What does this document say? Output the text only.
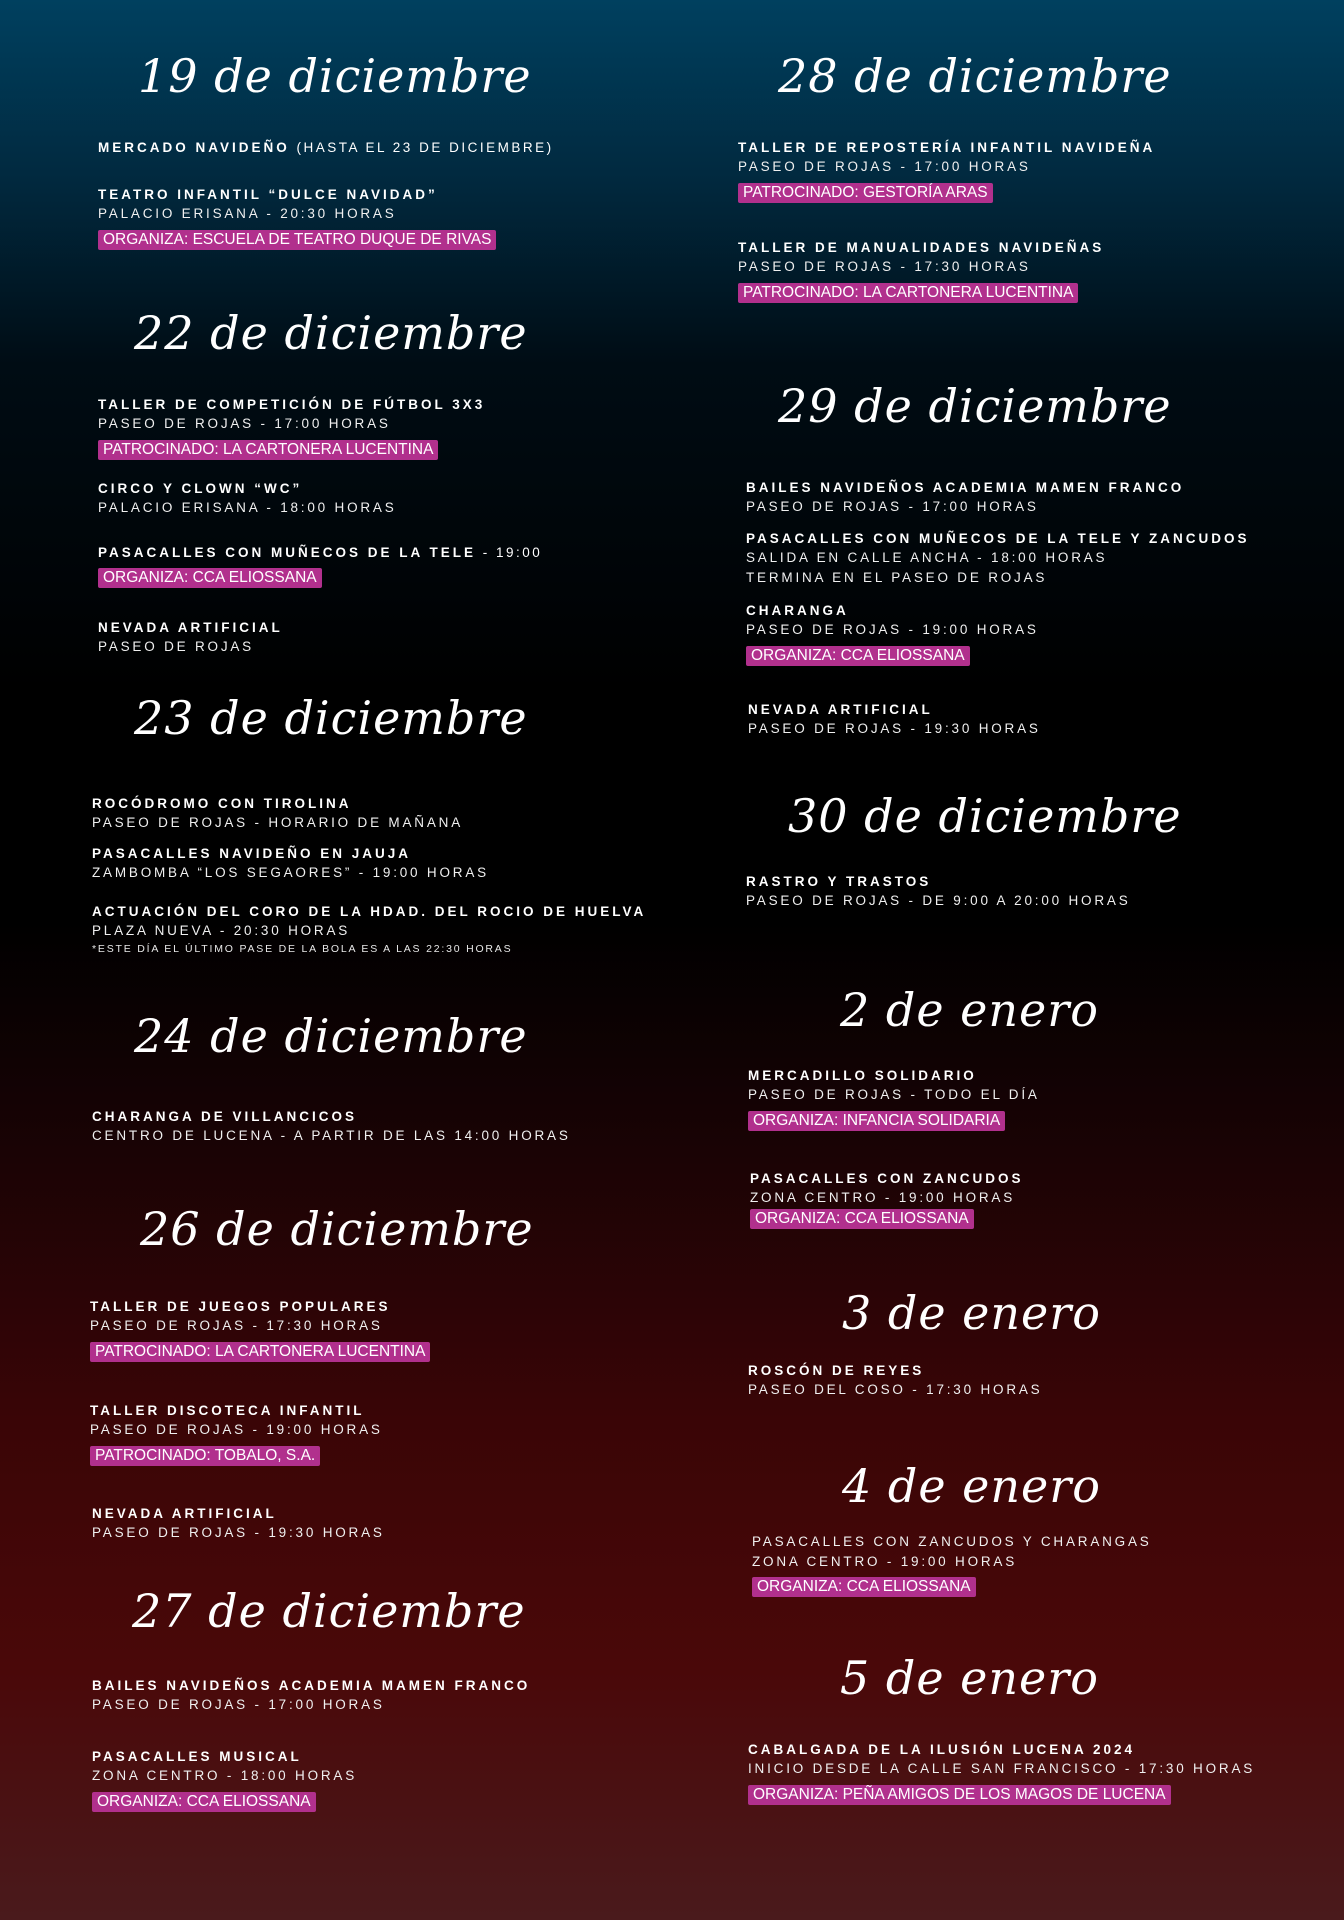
19 de diciembre
MERCADO NAVIDEÑO (HASTA EL 23 DE DICIEMBRE)
TEATRO INFANTIL “DULCE NAVIDAD”
PALACIO ERISANA - 20:30 HORAS
ORGANIZA: ESCUELA DE TEATRO DUQUE DE RIVAS
22 de diciembre
TALLER DE COMPETICIÓN DE FÚTBOL 3X3
PASEO DE ROJAS - 17:00 HORAS
PATROCINADO: LA CARTONERA LUCENTINA
CIRCO Y CLOWN “WC”
PALACIO ERISANA - 18:00 HORAS
PASACALLES CON MUÑECOS DE LA TELE - 19:00
ORGANIZA: CCA ELIOSSANA
NEVADA ARTIFICIAL
PASEO DE ROJAS
23 de diciembre
ROCÓDROMO CON TIROLINA
PASEO DE ROJAS - HORARIO DE MAÑANA
PASACALLES NAVIDEÑO EN JAUJA
ZAMBOMBA “LOS SEGAORES” - 19:00 HORAS
ACTUACIÓN DEL CORO DE LA HDAD. DEL ROCIO DE HUELVA
PLAZA NUEVA - 20:30 HORAS
*ESTE DÍA EL ÚLTIMO PASE DE LA BOLA ES A LAS 22:30 HORAS
24 de diciembre
CHARANGA DE VILLANCICOS
CENTRO DE LUCENA - A PARTIR DE LAS 14:00 HORAS
26 de diciembre
TALLER DE JUEGOS POPULARES
PASEO DE ROJAS - 17:30 HORAS
PATROCINADO: LA CARTONERA LUCENTINA
TALLER DISCOTECA INFANTIL
PASEO DE ROJAS - 19:00 HORAS
PATROCINADO: TOBALO, S.A.
NEVADA ARTIFICIAL
PASEO DE ROJAS - 19:30 HORAS
27 de diciembre
BAILES NAVIDEÑOS ACADEMIA MAMEN FRANCO
PASEO DE ROJAS - 17:00 HORAS
PASACALLES MUSICAL
ZONA CENTRO - 18:00 HORAS
ORGANIZA: CCA ELIOSSANA
28 de diciembre
TALLER DE REPOSTERÍA INFANTIL NAVIDEÑA
PASEO DE ROJAS - 17:00 HORAS
PATROCINADO: GESTORÍA ARAS
TALLER DE MANUALIDADES NAVIDEÑAS
PASEO DE ROJAS - 17:30 HORAS
PATROCINADO: LA CARTONERA LUCENTINA
29 de diciembre
BAILES NAVIDEÑOS ACADEMIA MAMEN FRANCO
PASEO DE ROJAS - 17:00 HORAS
PASACALLES CON MUÑECOS DE LA TELE Y ZANCUDOS
SALIDA EN CALLE ANCHA - 18:00 HORAS
TERMINA EN EL PASEO DE ROJAS
CHARANGA
PASEO DE ROJAS - 19:00 HORAS
ORGANIZA: CCA ELIOSSANA
NEVADA ARTIFICIAL
PASEO DE ROJAS - 19:30 HORAS
30 de diciembre
RASTRO Y TRASTOS
PASEO DE ROJAS - DE 9:00 A 20:00 HORAS
2 de enero
MERCADILLO SOLIDARIO
PASEO DE ROJAS - TODO EL DÍA
ORGANIZA: INFANCIA SOLIDARIA
PASACALLES CON ZANCUDOS
ZONA CENTRO - 19:00 HORAS
ORGANIZA: CCA ELIOSSANA
3 de enero
ROSCÓN DE REYES
PASEO DEL COSO - 17:30 HORAS
4 de enero
PASACALLES CON ZANCUDOS Y CHARANGAS
ZONA CENTRO - 19:00 HORAS
ORGANIZA: CCA ELIOSSANA
5 de enero
CABALGADA DE LA ILUSIÓN LUCENA 2024
INICIO DESDE LA CALLE SAN FRANCISCO - 17:30 HORAS
ORGANIZA: PEÑA AMIGOS DE LOS MAGOS DE LUCENA
